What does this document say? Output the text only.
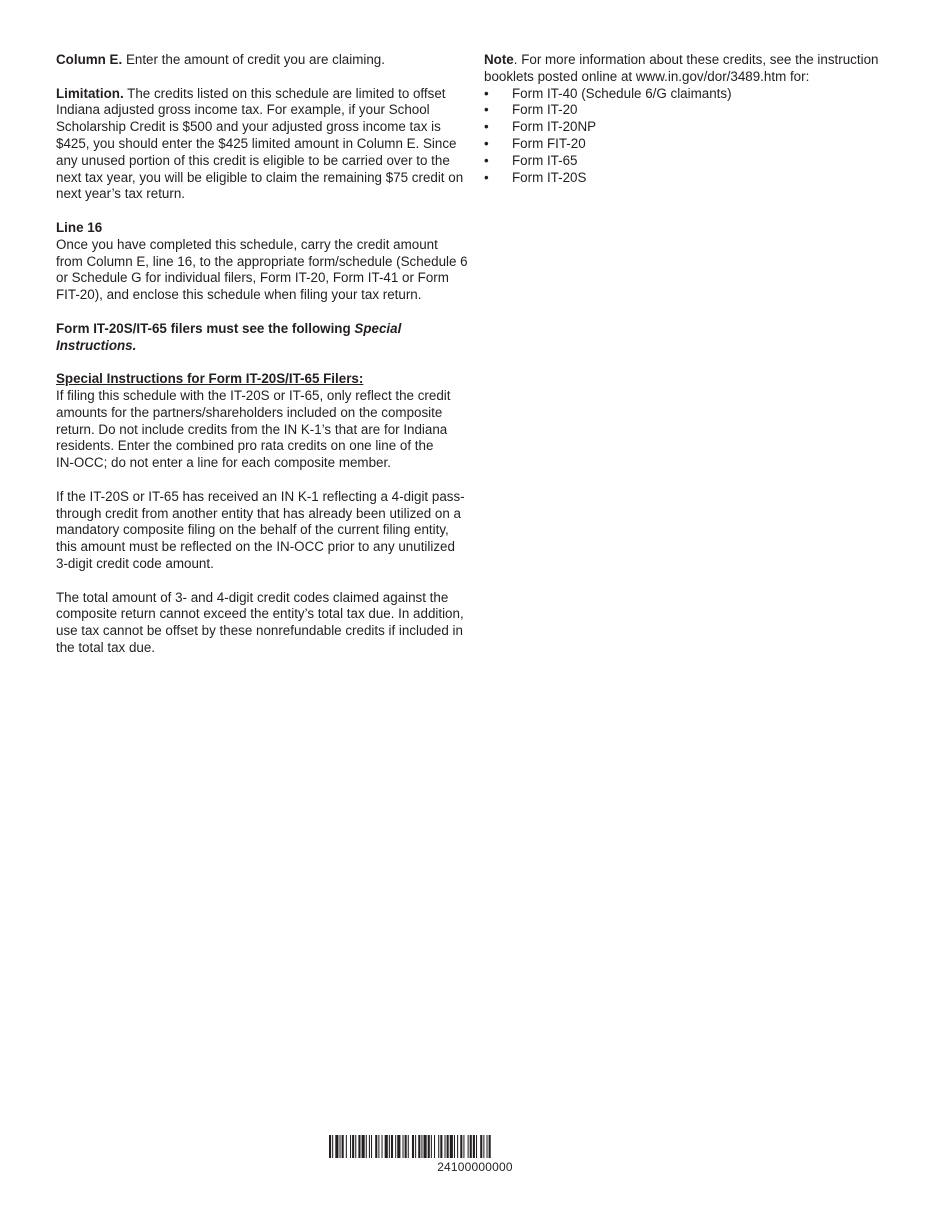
Column E. Enter the amount of credit you are claiming.

Limitation. The credits listed on this schedule are limited to offset Indiana adjusted gross income tax. For example, if your School Scholarship Credit is $500 and your adjusted gross income tax is $425, you should enter the $425 limited amount in Column E. Since any unused portion of this credit is eligible to be carried over to the next tax year, you will be eligible to claim the remaining $75 credit on next year’s tax return.

Line 16

Once you have completed this schedule, carry the credit amount from Column E, line 16, to the appropriate form/schedule (Schedule 6 or Schedule G for individual filers, Form IT-20, Form IT-41 or Form FIT-20), and enclose this schedule when filing your tax return.

Form IT-20S/IT-65 filers must see the following Special Instructions.

Special Instructions for Form IT-20S/IT-65 Filers:

If filing this schedule with the IT-20S or IT-65, only reflect the credit amounts for the partners/shareholders included on the composite return. Do not include credits from the IN K-1’s that are for Indiana residents. Enter the combined pro rata credits on one line of the

IN-OCC; do not enter a line for each composite member.

If the IT-20S or IT-65 has received an IN K-1 reflecting a 4-digit pass-through credit from another entity that has already been utilized on a mandatory composite filing on the behalf of the current filing entity, this amount must be reflected on the IN-OCC prior to any unutilized 3-digit credit code amount.

The total amount of 3- and 4-digit credit codes claimed against the composite return cannot exceed the entity’s total tax due. In addition, use tax cannot be offset by these nonrefundable credits if included in the total tax due.

Note. For more information about these credits, see the instruction booklets posted online at www.in.gov/dor/3489.htm for:

• Form IT-40 (Schedule 6/G claimants)
• Form IT-20
• Form IT-20NP
• Form FIT-20
• Form IT-65
• Form IT-20S
24100000000
